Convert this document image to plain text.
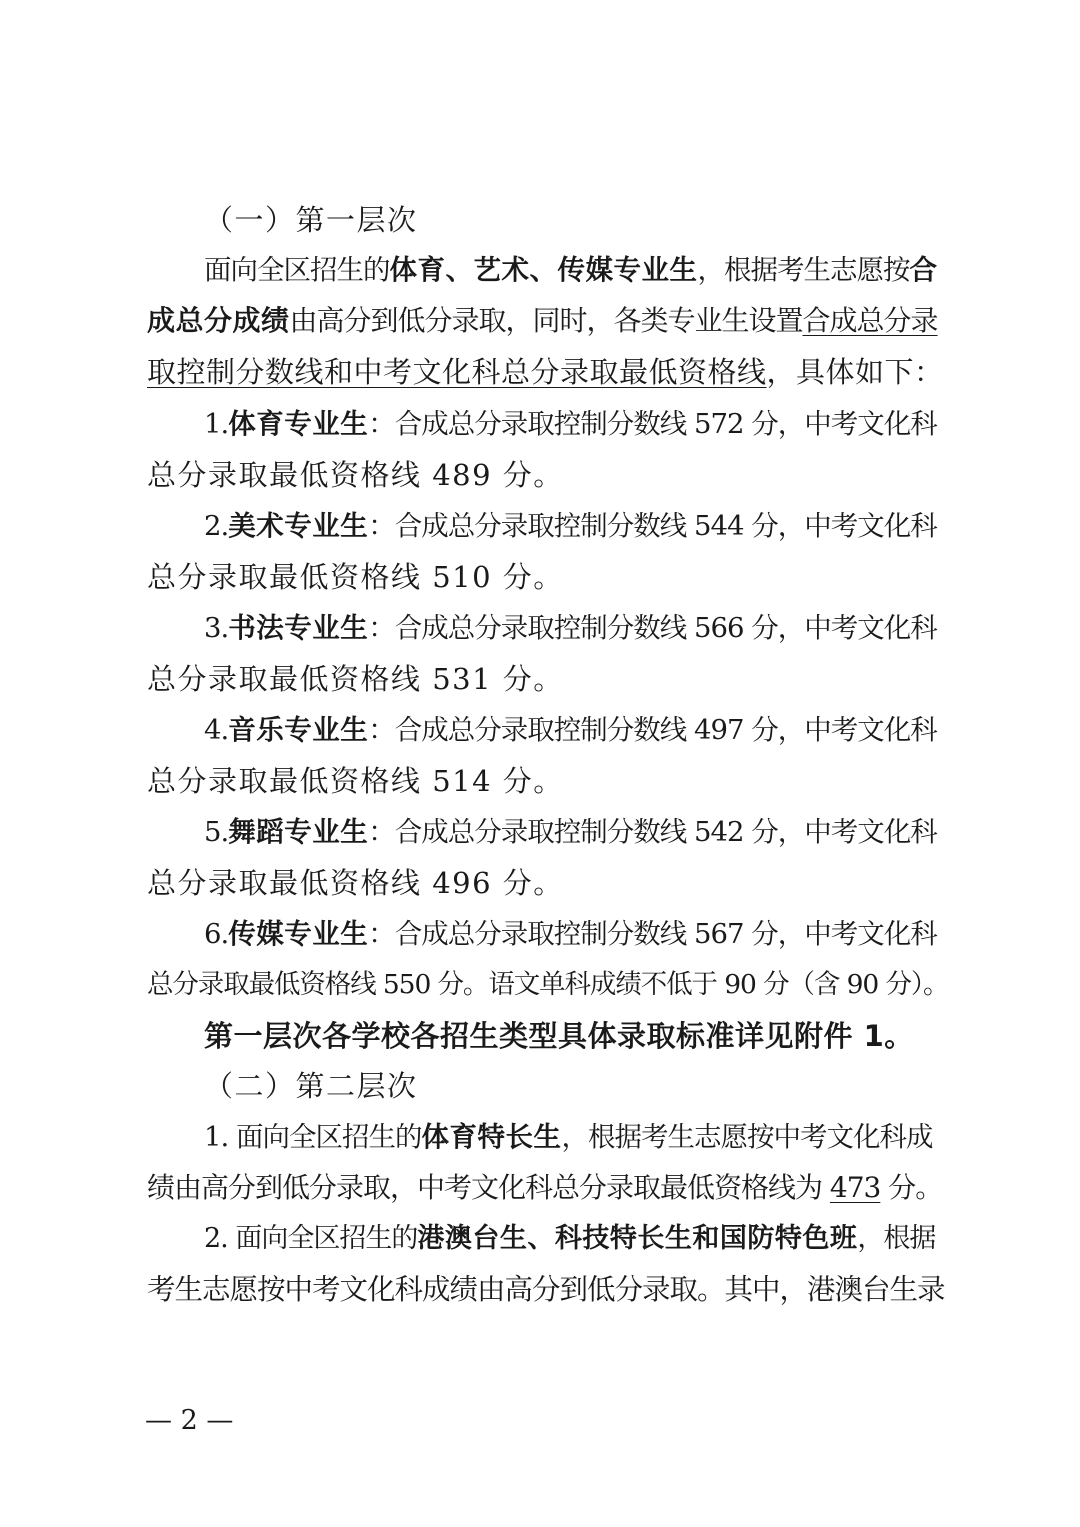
（一）第一层次
面向全区招生的体育、艺术、传媒专业生，根据考生志愿按合
成总分成绩由高分到低分录取，同时，各类专业生设置合成总分录
取控制分数线和中考文化科总分录取最低资格线，具体如下：
1.体育专业生：合成总分录取控制分数线 572 分，中考文化科
总分录取最低资格线 489 分。
2.美术专业生：合成总分录取控制分数线 544 分，中考文化科
总分录取最低资格线 510 分。
3.书法专业生：合成总分录取控制分数线 566 分，中考文化科
总分录取最低资格线 531 分。
4.音乐专业生：合成总分录取控制分数线 497 分，中考文化科
总分录取最低资格线 514 分。
5.舞蹈专业生：合成总分录取控制分数线 542 分，中考文化科
总分录取最低资格线 496 分。
6.传媒专业生：合成总分录取控制分数线 567 分，中考文化科
总分录取最低资格线 550 分。语文单科成绩不低于 90 分（含 90 分）。
第一层次各学校各招生类型具体录取标准详见附件 1。
（二）第二层次
1. 面向全区招生的体育特长生，根据考生志愿按中考文化科成
绩由高分到低分录取，中考文化科总分录取最低资格线为 473 分。
2. 面向全区招生的港澳台生、科技特长生和国防特色班，根据
考生志愿按中考文化科成绩由高分到低分录取。其中，港澳台生录
— 2 —
